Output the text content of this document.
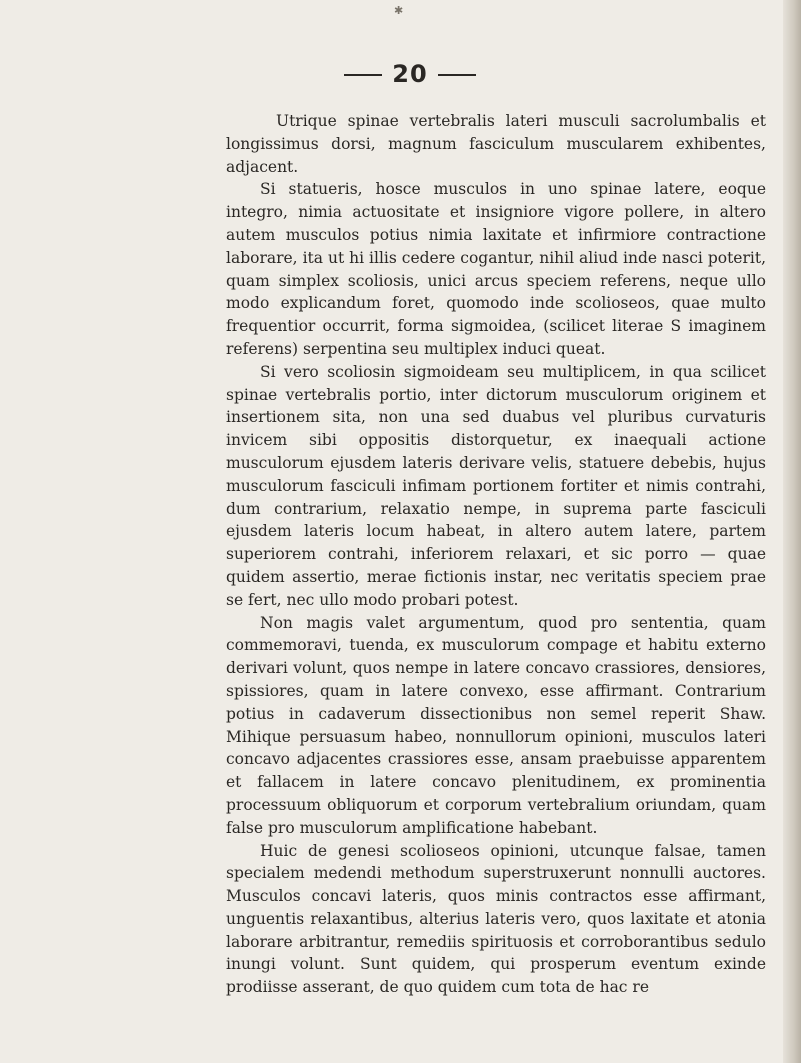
✱
20

Utrique spinae vertebralis lateri musculi sacrolumbalis et longissimus dorsi, magnum fasciculum muscularem exhibentes, adjacent.

Si statueris, hosce musculos in uno spinae latere, eoque integro, nimia actuositate et insigniore vigore pollere, in altero autem musculos potius nimia laxitate et infirmiore contractione laborare, ita ut hi illis cedere cogantur, nihil aliud inde nasci poterit, quam simplex scoliosis, unici arcus speciem referens, neque ullo modo explicandum foret, quomodo inde scolioseos, quae multo frequentior occurrit, forma sigmoidea, (scilicet literae S imaginem referens) serpentina seu multiplex induci queat.

Si vero scoliosin sigmoideam seu multiplicem, in qua scilicet spinae vertebralis portio, inter dictorum musculorum originem et insertionem sita, non una sed duabus vel pluribus curvaturis invicem sibi oppositis distorquetur, ex inaequali actione musculorum ejusdem lateris derivare velis, statuere debebis, hujus musculorum fasciculi infimam portionem fortiter et nimis contrahi, dum contrarium, relaxatio nempe, in suprema parte fasciculi ejusdem lateris locum habeat, in altero autem latere, partem superiorem contrahi, inferiorem relaxari, et sic porro — quae quidem assertio, merae fictionis instar, nec veritatis speciem prae se fert, nec ullo modo probari potest.

Non magis valet argumentum, quod pro sententia, quam commemoravi, tuenda, ex musculorum compage et habitu externo derivari volunt, quos nempe in latere concavo crassiores, densiores, spissiores, quam in latere convexo, esse affirmant. Contrarium potius in cadaverum dissectionibus non semel reperit Shaw. Mihique persuasum habeo, nonnullorum opinioni, musculos lateri concavo adjacentes crassiores esse, ansam praebuisse apparentem et fallacem in latere concavo plenitudinem, ex prominentia processuum obliquorum et corporum vertebralium oriundam, quam false pro musculorum amplificatione habebant.

Huic de genesi scolioseos opinioni, utcunque falsae, tamen specialem medendi methodum superstruxerunt nonnulli auctores. Musculos concavi lateris, quos minis contractos esse affirmant, unguentis relaxantibus, alterius lateris vero, quos laxitate et atonia laborare arbitrantur, remediis spirituosis et corroborantibus sedulo inungi volunt. Sunt quidem, qui prosperum eventum exinde prodiisse asserant, de quo quidem cum tota de hac re
